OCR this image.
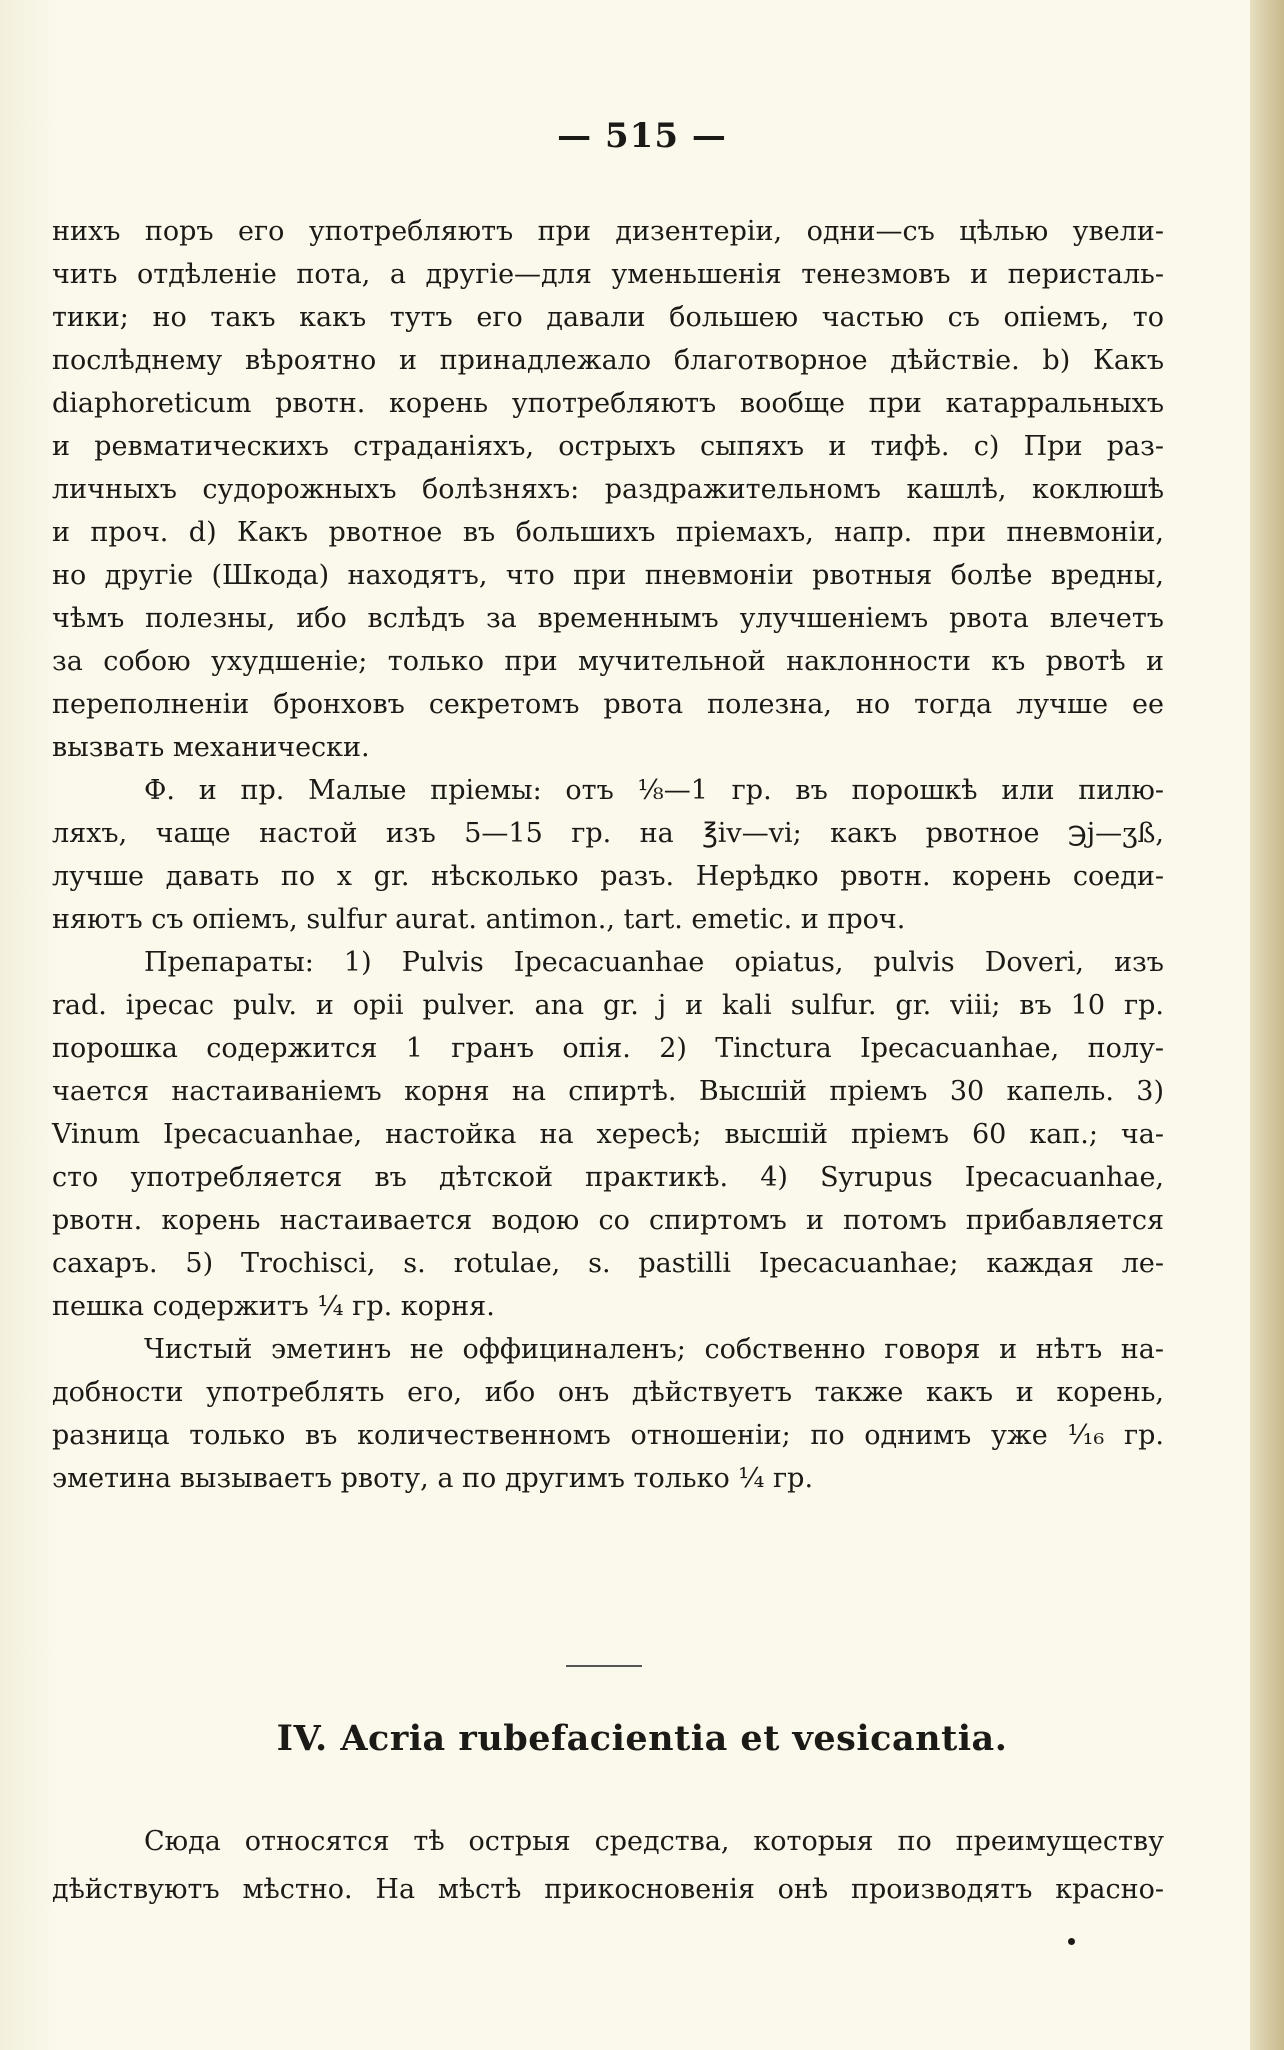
— 515 —
нихъ поръ его употребляютъ при дизентеріи, одни—съ цѣлью увели-
чить отдѣленіе пота, а другіе—для уменьшенія тенезмовъ и перисталь-
тики; но такъ какъ тутъ его давали большею частью съ опіемъ, то
послѣднему вѣроятно и принадлежало благотворное дѣйствіе. b) Какъ
diaphoreticum рвотн. корень употребляютъ вообще при катарральныхъ
и ревматическихъ страданіяхъ, острыхъ сыпяхъ и тифѣ. c) При раз-
личныхъ судорожныхъ болѣзняхъ: раздражительномъ кашлѣ, коклюшѣ
и проч. d) Какъ рвотное въ большихъ пріемахъ, напр. при пневмоніи,
но другіе (Шкода) находятъ, что при пневмоніи рвотныя болѣе вредны,
чѣмъ полезны, ибо вслѣдъ за временнымъ улучшеніемъ рвота влечетъ
за собою ухудшеніе; только при мучительной наклонности къ рвотѣ и
переполненіи бронховъ секретомъ рвота полезна, но тогда лучше ее
вызвать механически.
Ф. и пр. Малые пріемы: отъ ⅛—1 гр. въ порошкѣ или пилю-
ляхъ, чаще настой изъ 5—15 гр. на ℥iv—vi; какъ рвотное ℈j—ʒß,
лучше давать по x gr. нѣсколько разъ. Нерѣдко рвотн. корень соеди-
няютъ съ опіемъ, sulfur aurat. antimon., tart. emetic. и проч.
Препараты: 1) Pulvis Ipecacuanhae opiatus, pulvis Doveri, изъ
rad. ipecac pulv. и opii pulver. ana gr. j и kali sulfur. gr. viii; въ 10 гр.
порошка содержится 1 гранъ опія. 2) Tinctura Ipecacuanhae, полу-
чается настаиваніемъ корня на спиртѣ. Высшій пріемъ 30 капель. 3)
Vinum Ipecacuanhae, настойка на хересѣ; высшій пріемъ 60 кап.; ча-
сто употребляется въ дѣтской практикѣ. 4) Syrupus Ipecacuanhae,
рвотн. корень настаивается водою со спиртомъ и потомъ прибавляется
сахаръ. 5) Trochisci, s. rotulae, s. pastilli Ipecacuanhae; каждая ле-
пешка содержитъ ¼ гр. корня.
Чистый эметинъ не оффициналенъ; собственно говоря и нѣтъ на-
добности употреблять его, ибо онъ дѣйствуетъ также какъ и корень,
разница только въ количественномъ отношеніи; по однимъ уже ¹⁄₁₆ гр.
эметина вызываетъ рвоту, а по другимъ только ¼ гр.
IV. Acria rubefacientia et vesicantia.
Сюда относятся тѣ острыя средства, которыя по преимуществу
дѣйствуютъ мѣстно. На мѣстѣ прикосновенія онѣ производятъ красно-
